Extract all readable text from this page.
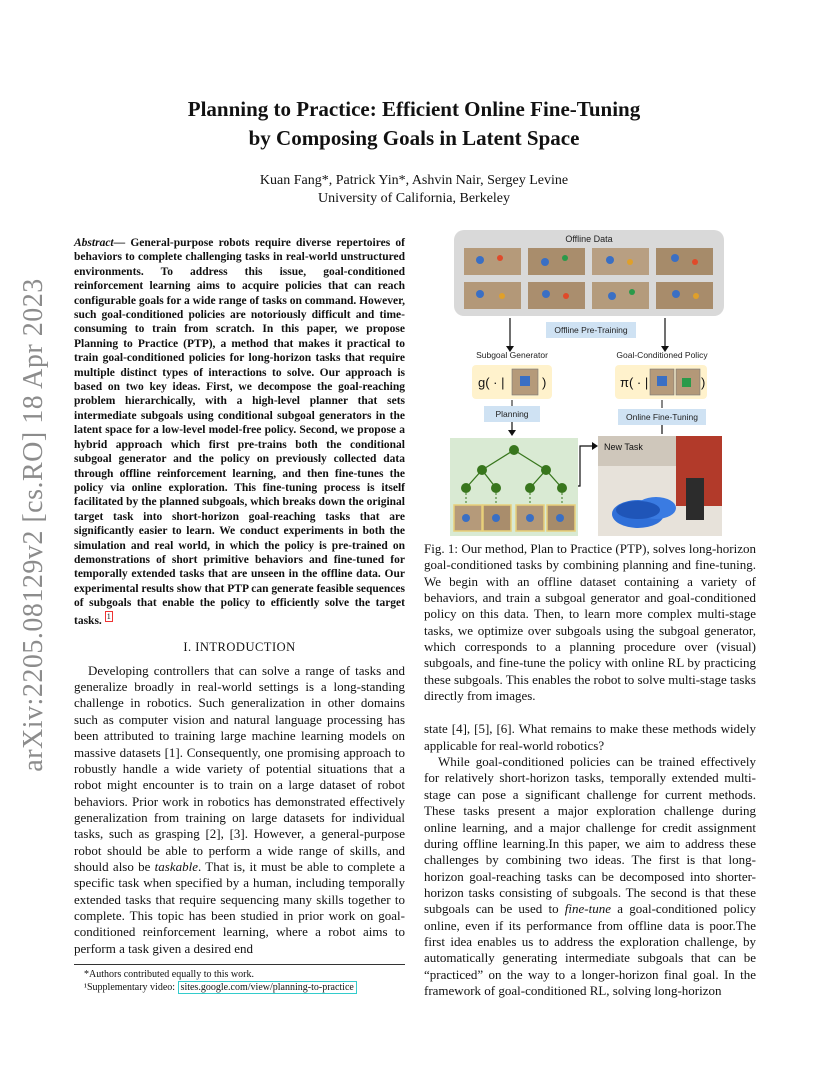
Planning to Practice: Efficient Online Fine-Tuning
by Composing Goals in Latent Space
Kuan Fang*, Patrick Yin*, Ashvin Nair, Sergey Levine
University of California, Berkeley
arXiv:2205.08129v2 [cs.RO] 18 Apr 2023
Abstract— General-purpose robots require diverse repertoires of behaviors to complete challenging tasks in real-world unstructured environments. To address this issue, goal-conditioned reinforcement learning aims to acquire policies that can reach configurable goals for a wide range of tasks on command. However, such goal-conditioned policies are notoriously difficult and time-consuming to train from scratch. In this paper, we propose Planning to Practice (PTP), a method that makes it practical to train goal-conditioned policies for long-horizon tasks that require multiple distinct types of interactions to solve. Our approach is based on two key ideas. First, we decompose the goal-reaching problem hierarchically, with a high-level planner that sets intermediate subgoals using conditional subgoal generators in the latent space for a low-level model-free policy. Second, we propose a hybrid approach which first pre-trains both the conditional subgoal generator and the policy on previously collected data through offline reinforcement learning, and then fine-tunes the policy via online exploration. This fine-tuning process is itself facilitated by the planned subgoals, which breaks down the original target task into short-horizon goal-reaching tasks that are significantly easier to learn. We conduct experiments in both the simulation and real world, in which the policy is pre-trained on demonstrations of short primitive behaviors and fine-tuned for temporally extended tasks that are unseen in the offline data. Our experimental results show that PTP can generate feasible sequences of subgoals that enable the policy to efficiently solve the target tasks. 1
I. INTRODUCTION

Developing controllers that can solve a range of tasks and generalize broadly in real-world settings is a long-standing challenge in robotics. Such generalization in other domains such as computer vision and natural language processing has been attributed to training large machine learning models on massive datasets [1]. Consequently, one promising approach to robustly handle a wide variety of potential situations that a robot might encounter is to train on a large dataset of robot behaviors. Prior work in robotics has demonstrated effectively generalization from training on large datasets for individual tasks, such as grasping [2], [3]. However, a general-purpose robot should be able to perform a wide range of skills, and should also be taskable. That is, it must be able to complete a specific task when specified by a human, including temporally extended tasks that require sequencing many skills together to complete. This topic has been studied in prior work on goal-conditioned reinforcement learning, where a robot aims to perform a task given a desired end

*Authors contributed equally to this work.
¹Supplementary video: sites.google.com/view/planning-to-practice
Offline Data
Offline Pre-Training
Subgoal Generator	Goal-Conditioned Policy
g( · |	)	π( · |	)
Planning	Online Fine-Tuning
New Task
Fig. 1: Our method, Plan to Practice (PTP), solves long-horizon goal-conditioned tasks by combining planning and fine-tuning. We begin with an offline dataset containing a variety of behaviors, and train a subgoal generator and goal-conditioned policy on this data. Then, to learn more complex multi-stage tasks, we optimize over subgoals using the subgoal generator, which corresponds to a planning procedure over (visual) subgoals, and fine-tune the policy with online RL by practicing these subgoals. This enables the robot to solve multi-stage tasks directly from images.

state [4], [5], [6]. What remains to make these methods widely applicable for real-world robotics?

While goal-conditioned policies can be trained effectively for relatively short-horizon tasks, temporally extended multi-stage can pose a significant challenge for current methods. These tasks present a major exploration challenge during online learning, and a major challenge for credit assignment during offline learning.In this paper, we aim to address these challenges by combining two ideas. The first is that long-horizon goal-reaching tasks can be decomposed into shorter-horizon tasks consisting of subgoals. The second is that these subgoals can be used to fine-tune a goal-conditioned policy online, even if its performance from offline data is poor.The first idea enables us to address the exploration challenge, by automatically generating intermediate subgoals that can be “practiced” on the way to a longer-horizon final goal. In the framework of goal-conditioned RL, solving long-horizon
